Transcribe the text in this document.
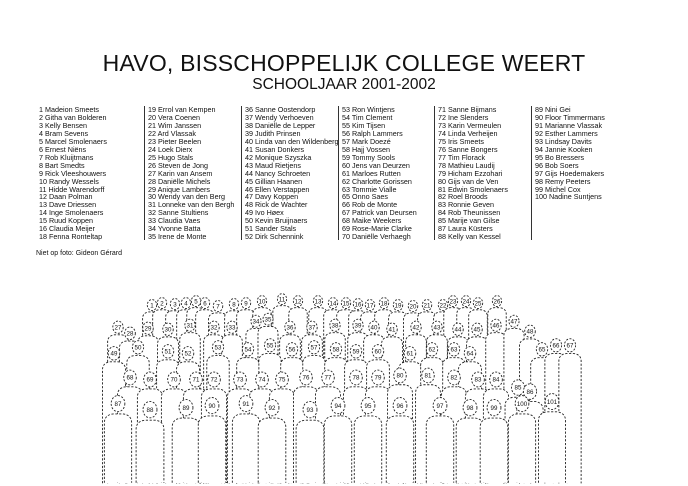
HAVO, BISSCHOPPELIJK COLLEGE WEERT
SCHOOLJAAR 2001-2002
1 Madeion Smeets
2 Githa van Bolderen
3 Kelly Bensen
4 Bram Sevens
5 Marcel Smolenaers
6 Ernest Niëns
7 Rob Kluijtmans
8 Bart Smedts
9 Rick Vleeshouwers
10 Randy Wessels
11 Hidde Warendorff
12 Daan Polman
13 Dave Driessen
14 Inge Smolenaers
15 Ruud Koppen
16 Claudia Meijer
18 Fenna Ronteltap
19 Errol van Kempen
20 Vera Coenen
21 Wim Janssen
22 Ard Vlassak
23 Pieter Beelen
24 Loek Dierx
25 Hugo Stals
26 Steven de Jong
27 Karin van Ansem
28 Daniëlle Michels
29 Anique Lambers
30 Wendy van den Berg
31 Lonneke van den Bergh
32 Sanne Stultiens
33 Claudia Vaes
34 Yvonne Batta
35 Irene de Monte
36 Sanne Oostendorp
37 Wendy Verhoeven
38 Daniëlle de Lepper
39 Judith Prinsen
40 Linda van den Wildenberg
41 Susan Donkers
42 Monique Szyszka
43 Maud Rietjens
44 Nancy Schroeten
45 Gillian Haanen
46 Ellen Verstappen
47 Davy Koppen
48 Rick de Wachter
49 Ivo Høex
50 Kevin Bruijnaers
51 Sander Stals
52 Dirk Schennink
53 Ron Wintjens
54 Tim Clement
55 Kim Tijsen
56 Ralph Lammers
57 Mark Doezé
58 Hajj Vossen
59 Tommy Sools
60 Jens van Deurzen
61 Marloes Rutten
62 Charlotte Gorissen
63 Tommie Vialle
65 Onno Saes
66 Rob de Monte
67 Patrick van Deursen
68 Maike Weekers
69 Rose-Marie Clarke
70 Daniëlle Verhaegh
71 Sanne Bijmans
72 Ine Slenders
73 Karin Vermeulen
74 Linda Verheijen
75 Iris Smeets
76 Sanne Bongers
77 Tim Florack
78 Mathieu Laudij
79 Hicham Ezzohari
80 Gijs van de Ven
81 Edwin Smolenaers
82 Roel Broods
83 Ronnie Geven
84 Rob Theunissen
85 Marije van Gilse
87 Laura Küsters
88 Kelly van Kessel
89 Nini Gei
90 Floor Timmermans
91 Marianne Vlassak
92 Esther Lammers
93 Lindsay Davits
94 Jannie Kooken
95 Bo Bressers
96 Bob Soers
97 Gijs Hoedemakers
98 Remy Peeters
99 Michel Cox
100 Nadine Suntjens
Niet op foto: Gideon Gérard
1 2 3 4 5 6 7 8 9 10 11 12 13 14 15 16 17 18 19 20 21 22
23 24 25 26
27
28
29 30
31	32 33
34 35
36 37	38	39 40 41	42 43 44 45
46
47
48
49
50
51 52
53	54
55
56 57 58 59 60	61
62 63
64
65
66 67
68 69	70 71 72	73 74 75	76 77	78 79 80	81	82	83 84
85
86
87
88	89	90	91
92	93
94	95	96	97	98	99
100	101
